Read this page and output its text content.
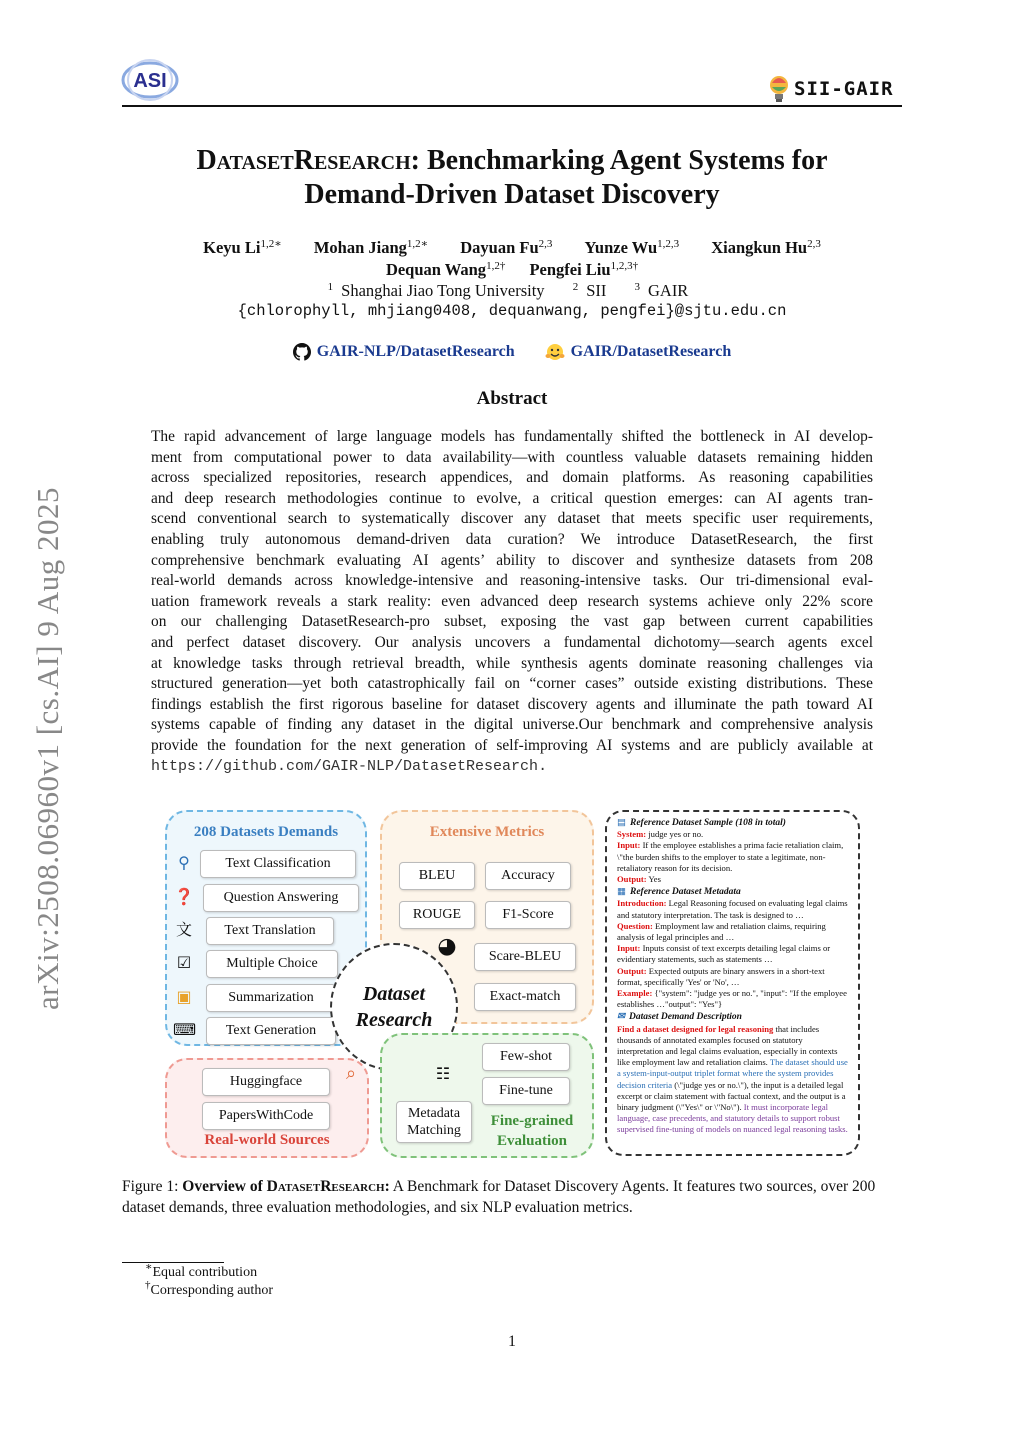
ASI	SII-GAIR
arXiv:2508.06960v1 [cs.AI] 9 Aug 2025
DatasetResearch: Benchmarking Agent Systems for
Demand-Driven Dataset Discovery
Keyu $Li^{1,2∗}$ Mohan Jiang$^{1,2∗}$ Dayuan Fu$^{2,3}$ Yunze Wu$^{1,2,3}$ Xiangkun Hu$^{2,3}$
Dequan Wang$^{1,2\dagger}$ Pengfei Liu$^{1,2,3\dagger}$
$^1$ Shanghai Jiao Tong University	$^2$ SII	$^3$ GAIR
{chlorophyll, mhjiang0408, dequanwang, pengfei}@sjtu.edu.cn
GAIR-NLP/DatasetResearch	GAIR/DatasetResearch
Abstract
The rapid advancement of large language models has fundamentally shifted the bottleneck in AI develop-
ment from computational power to data availability—with countless valuable datasets remaining hidden
across specialized repositories, research appendices, and domain platforms. As reasoning capabilities
and deep research methodologies continue to evolve, a critical question emerges: can AI agents tran-
scend conventional search to systematically discover any dataset that meets specific user requirements,
enabling truly autonomous demand-driven data curation? We introduce DatasetResearch, the first
comprehensive benchmark evaluating AI agents’ ability to discover and synthesize datasets from 208
real-world demands across knowledge-intensive and reasoning-intensive tasks. Our tri-dimensional eval-
uation framework reveals a stark reality: even advanced deep research systems achieve only 22% score
on our challenging DatasetResearch-pro subset, exposing the vast gap between current capabilities
and perfect dataset discovery. Our analysis uncovers a fundamental dichotomy—search agents excel
at knowledge tasks through retrieval breadth, while synthesis agents dominate reasoning challenges via
structured generation—yet both catastrophically fail on “corner cases” outside existing distributions. These
findings establish the first rigorous baseline for dataset discovery agents and illuminate the path toward AI
systems capable of finding any dataset in the digital universe.Our benchmark and comprehensive analysis
provide the foundation for the next generation of self-improving AI systems and are publicly available at
https://github.com/GAIR-NLP/DatasetResearch.
208 Datasets Demands
⚲	Text Classification
❓	Question Answering
文	Text Translation
☑	Multiple Choice
▣	Summarization
⌨	Text Generation
Extensive Metrics
BLEU	Accuracy
ROUGE	F1-Score
◕	Scare-BLEU
Exact-match
Dataset
Research
Huggingface
PapersWithCode
Real-world Sources
⌕	☷
Few-shot
Fine-tune
Metadata
Matching
Fine-grained
Evaluation
▤ Reference Dataset Sample (108 in total)

System: judge yes or no.

Input: If the employee establishes a prima facie retaliation claim, \"the burden shifts to the employer to state a legitimate, non-retaliatory reason for its decision.

Output: Yes

▦ Reference Dataset Metadata

Introduction: Legal Reasoning focused on evaluating legal claims and statutory interpretation. The task is designed to …

Question: Employment law and retaliation claims, requiring analysis of legal principles and …

Input: Inputs consist of text excerpts detailing legal claims or evidentiary statements, such as statements …

Output: Expected outputs are binary answers in a short-text format, specifically 'Yes' or 'No', …

Example: {"system": "judge yes or no.", "input": "If the employee establishes …"output": "Yes"}

✉ Dataset Demand Description

Find a dataset designed for legal reasoning that includes thousands of annotated examples focused on statutory interpretation and legal claims evaluation, especially in contexts like employment law and retaliation claims. The dataset should use a system-input-output triplet format where the system provides decision criteria (\"judge yes or no.\"), the input is a detailed legal excerpt or claim statement with factual context, and the output is a binary judgment (\"Yes\" or \"No\"). It must incorporate legal language, case precedents, and statutory details to support robust supervised fine-tuning of models on nuanced legal reasoning tasks.

Figure 1: Overview of DatasetResearch: A Benchmark for Dataset Discovery Agents. It features two sources, over 200 dataset demands, three evaluation methodologies, and six NLP evaluation metrics.
∗Equal contribution
†Corresponding author
1
